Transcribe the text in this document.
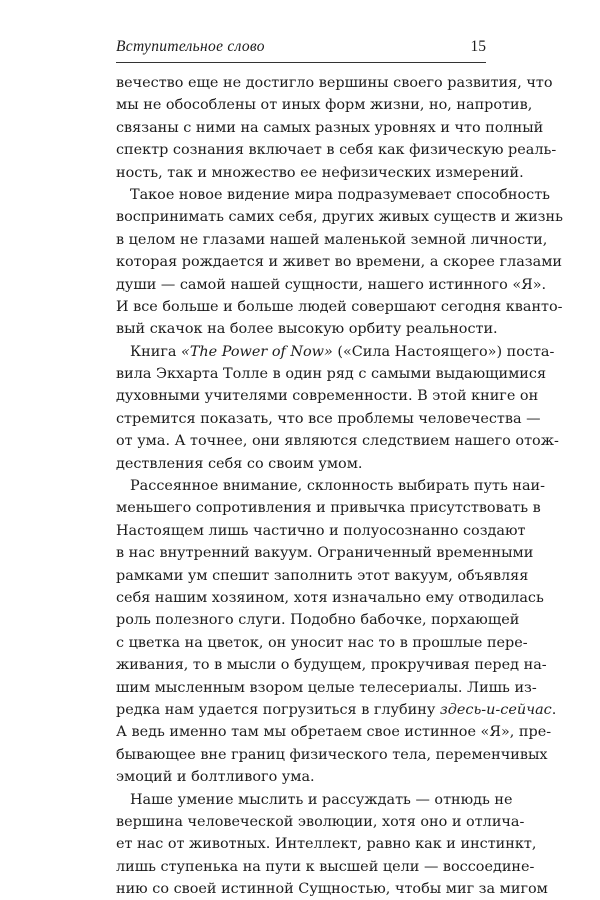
Вступительное слово	15
вечество еще не достигло вершины своего развития, что
мы не обособлены от иных форм жизни, но, напротив,
связаны с ними на самых разных уровнях и что полный
спектр сознания включает в себя как физическую реаль-
ность, так и множество ее нефизических измерений.
Такое новое видение мира подразумевает способность
воспринимать самих себя, других живых существ и жизнь
в целом не глазами нашей маленькой земной личности,
которая рождается и живет во времени, а скорее глазами
души — самой нашей сущности, нашего истинного «Я».
И все больше и больше людей совершают сегодня кванто-
вый скачок на более высокую орбиту реальности.
Книга «The Power of Now» («Сила Настоящего») поста-
вила Экхарта Толле в один ряд с самыми выдающимися
духовными учителями современности. В этой книге он
стремится показать, что все проблемы человечества —
от ума. А точнее, они являются следствием нашего отож-
дествления себя со своим умом.
Рассеянное внимание, склонность выбирать путь наи-
меньшего сопротивления и привычка присутствовать в
Настоящем лишь частично и полуосознанно создают
в нас внутренний вакуум. Ограниченный временными
рамками ум спешит заполнить этот вакуум, объявляя
себя нашим хозяином, хотя изначально ему отводилась
роль полезного слуги. Подобно бабочке, порхающей
с цветка на цветок, он уносит нас то в прошлые пере-
живания, то в мысли о будущем, прокручивая перед на-
шим мысленным взором целые телесериалы. Лишь из-
редка нам удается погрузиться в глубину здесь-и-сейчас.
А ведь именно там мы обретаем свое истинное «Я», пре-
бывающее вне границ физического тела, переменчивых
эмоций и болтливого ума.
Наше умение мыслить и рассуждать — отнюдь не
вершина человеческой эволюции, хотя оно и отлича-
ет нас от животных. Интеллект, равно как и инстинкт,
лишь ступенька на пути к высшей цели — воссоедине-
нию со своей истинной Сущностью, чтобы миг за мигом
